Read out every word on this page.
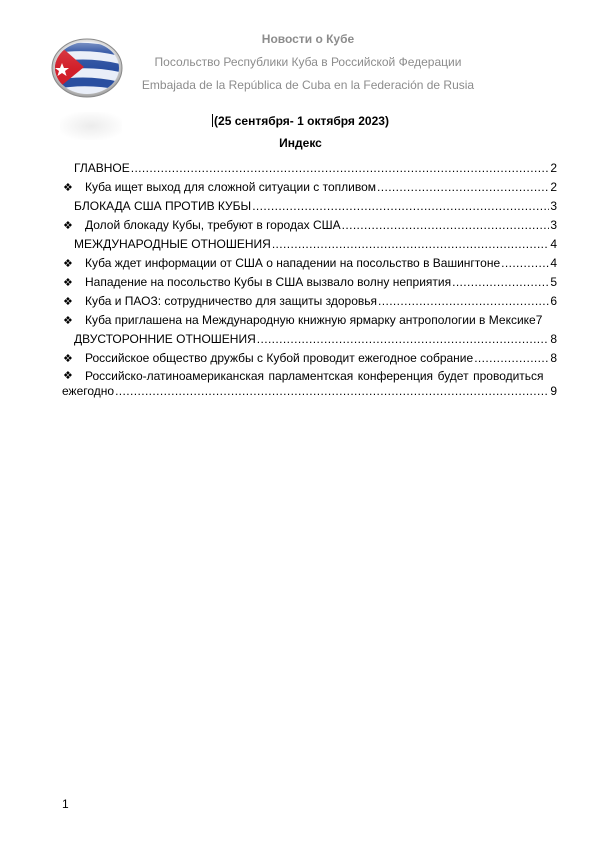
Новости о Кубе
Посольство Республики Куба в Российской Федерации
Embajada de la República de Cuba en la Federación de Rusia
(25 сентября- 1 октября 2023)
Индекс
ГЛАВНОЕ .....	2
❖	Куба ищет выход для сложной ситуации с топливом .....	2
БЛОКАДА США ПРОТИВ КУБЫ .....	3
❖	Долой блокаду Кубы, требуют в городах США .....	3
МЕЖДУНАРОДНЫЕ ОТНОШЕНИЯ .....	4
❖	Куба ждет информации от США о нападении на посольство в Вашингтоне .....	4
❖	Нападение на посольство Кубы в США вызвало волну неприятия .....	5
❖	Куба и ПАОЗ: сотрудничество для защиты здоровья .....	6
❖	Куба приглашена на Международную книжную ярмарку антропологии в Мексике 7
ДВУСТОРОННИЕ ОТНОШЕНИЯ .....	8
❖	Российское общество дружбы с Кубой проводит ежегодное собрание .....	8
❖	Российско-латиноамериканская парламентская конференция будет проводиться
ежегодно .....	9
1
